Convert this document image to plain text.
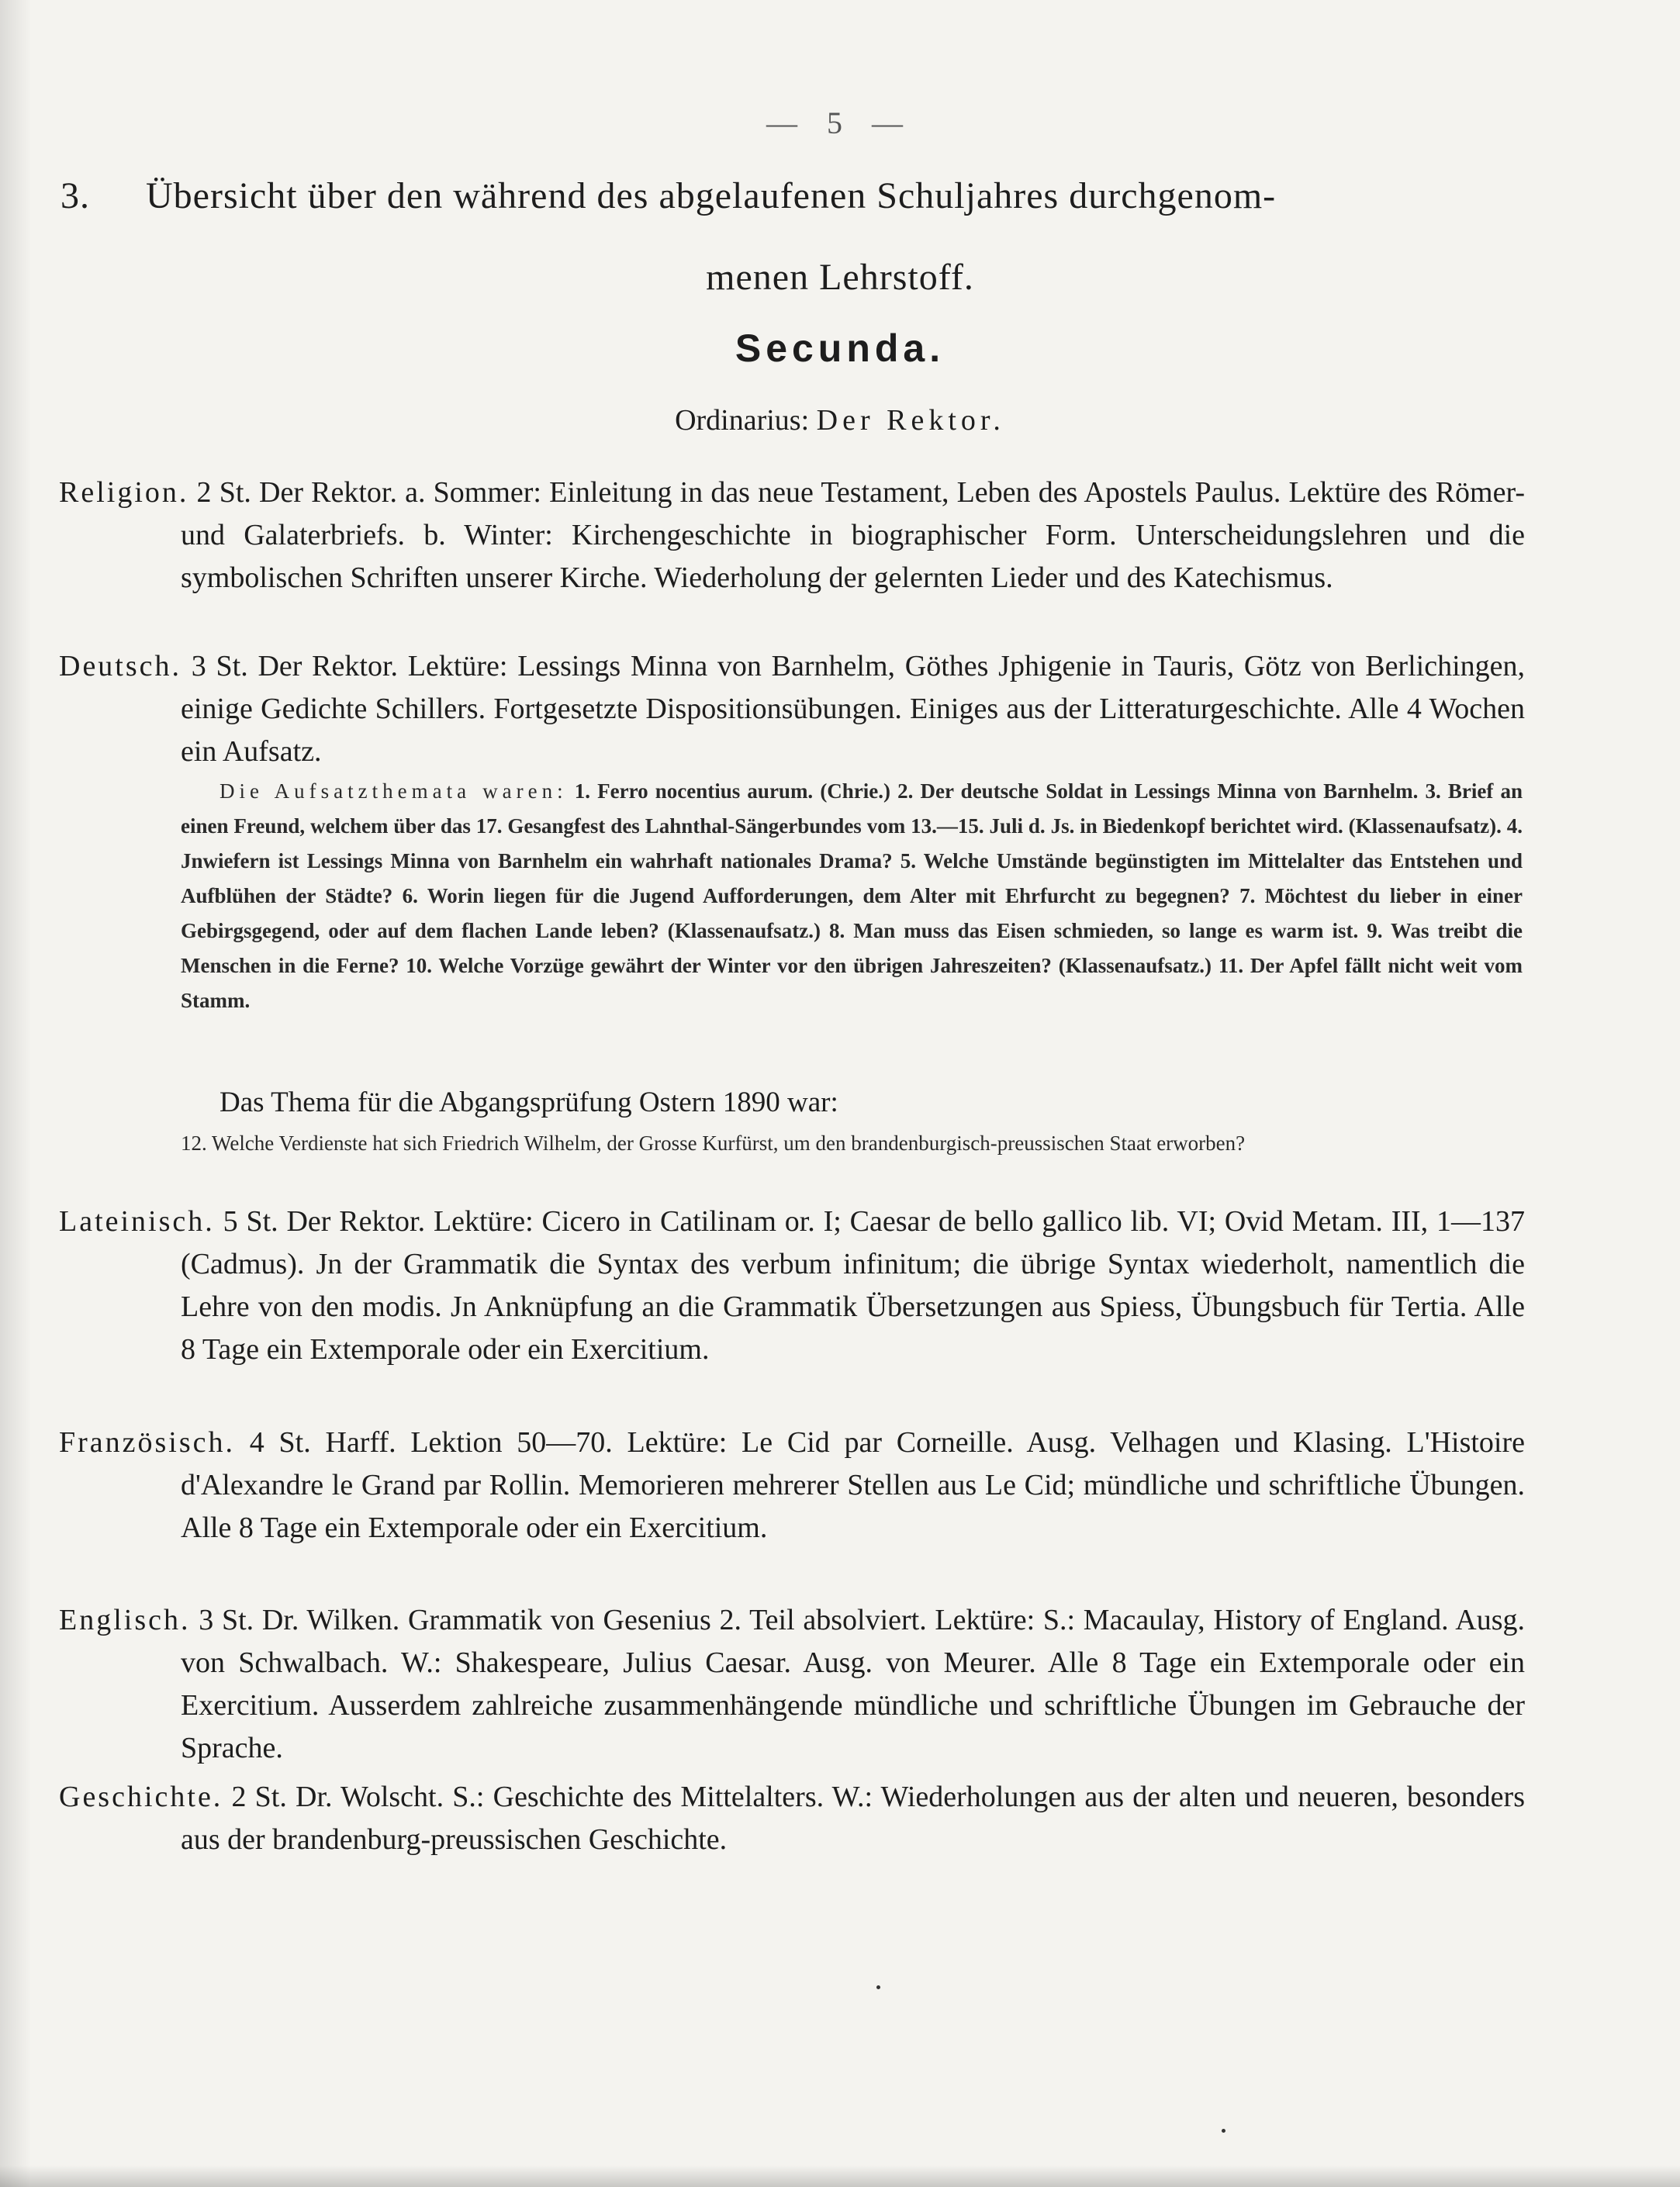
— 5 —
3. Übersicht über den während des abgelaufenen Schuljahres durchgenom-
menen Lehrstoff.
Secunda.
Ordinarius: Der Rektor.
Religion. 2 St. Der Rektor. a. Sommer: Einleitung in das neue Testament, Leben des Apostels Paulus. Lektüre des Römer- und Galaterbriefs. b. Winter: Kirchengeschichte in biographischer Form. Unterscheidungslehren und die symbolischen Schriften unserer Kirche. Wiederholung der gelernten Lieder und des Katechismus.
Deutsch. 3 St. Der Rektor. Lektüre: Lessings Minna von Barnhelm, Göthes Jphigenie in Tauris, Götz von Berlichingen, einige Gedichte Schillers. Fortgesetzte Dispositionsübungen. Einiges aus der Litteraturgeschichte. Alle 4 Wochen ein Aufsatz.
Die Aufsatzthemata waren: 1. Ferro nocentius aurum. (Chrie.) 2. Der deutsche Soldat in Lessings Minna von Barnhelm. 3. Brief an einen Freund, welchem über das 17. Gesangfest des Lahnthal-Sängerbundes vom 13.—15. Juli d. Js. in Biedenkopf berichtet wird. (Klassenaufsatz). 4. Jnwiefern ist Lessings Minna von Barnhelm ein wahrhaft nationales Drama? 5. Welche Umstände begünstigten im Mittelalter das Entstehen und Aufblühen der Städte? 6. Worin liegen für die Jugend Aufforderungen, dem Alter mit Ehrfurcht zu begegnen? 7. Möchtest du lieber in einer Gebirgsgegend, oder auf dem flachen Lande leben? (Klassenaufsatz.) 8. Man muss das Eisen schmieden, so lange es warm ist. 9. Was treibt die Menschen in die Ferne? 10. Welche Vorzüge gewährt der Winter vor den übrigen Jahreszeiten? (Klassenaufsatz.) 11. Der Apfel fällt nicht weit vom Stamm.
Das Thema für die Abgangsprüfung Ostern 1890 war:
12. Welche Verdienste hat sich Friedrich Wilhelm, der Grosse Kurfürst, um den brandenburgisch-preussischen Staat erworben?
Lateinisch. 5 St. Der Rektor. Lektüre: Cicero in Catilinam or. I; Caesar de bello gallico lib. VI; Ovid Metam. III, 1—137 (Cadmus). Jn der Grammatik die Syntax des verbum infinitum; die übrige Syntax wiederholt, namentlich die Lehre von den modis. Jn Anknüpfung an die Grammatik Übersetzungen aus Spiess, Übungsbuch für Tertia. Alle 8 Tage ein Extemporale oder ein Exercitium.
Französisch. 4 St. Harff. Lektion 50—70. Lektüre: Le Cid par Corneille. Ausg. Velhagen und Klasing. L'Histoire d'Alexandre le Grand par Rollin. Memorieren mehrerer Stellen aus Le Cid; mündliche und schriftliche Übungen. Alle 8 Tage ein Extemporale oder ein Exercitium.
Englisch. 3 St. Dr. Wilken. Grammatik von Gesenius 2. Teil absolviert. Lektüre: S.: Macaulay, History of England. Ausg. von Schwalbach. W.: Shakespeare, Julius Caesar. Ausg. von Meurer. Alle 8 Tage ein Extemporale oder ein Exercitium. Ausserdem zahlreiche zusammenhängende mündliche und schriftliche Übungen im Gebrauche der Sprache.
Geschichte. 2 St. Dr. Wolscht. S.: Geschichte des Mittelalters. W.: Wiederholungen aus der alten und neueren, besonders aus der brandenburg-preussischen Geschichte.
